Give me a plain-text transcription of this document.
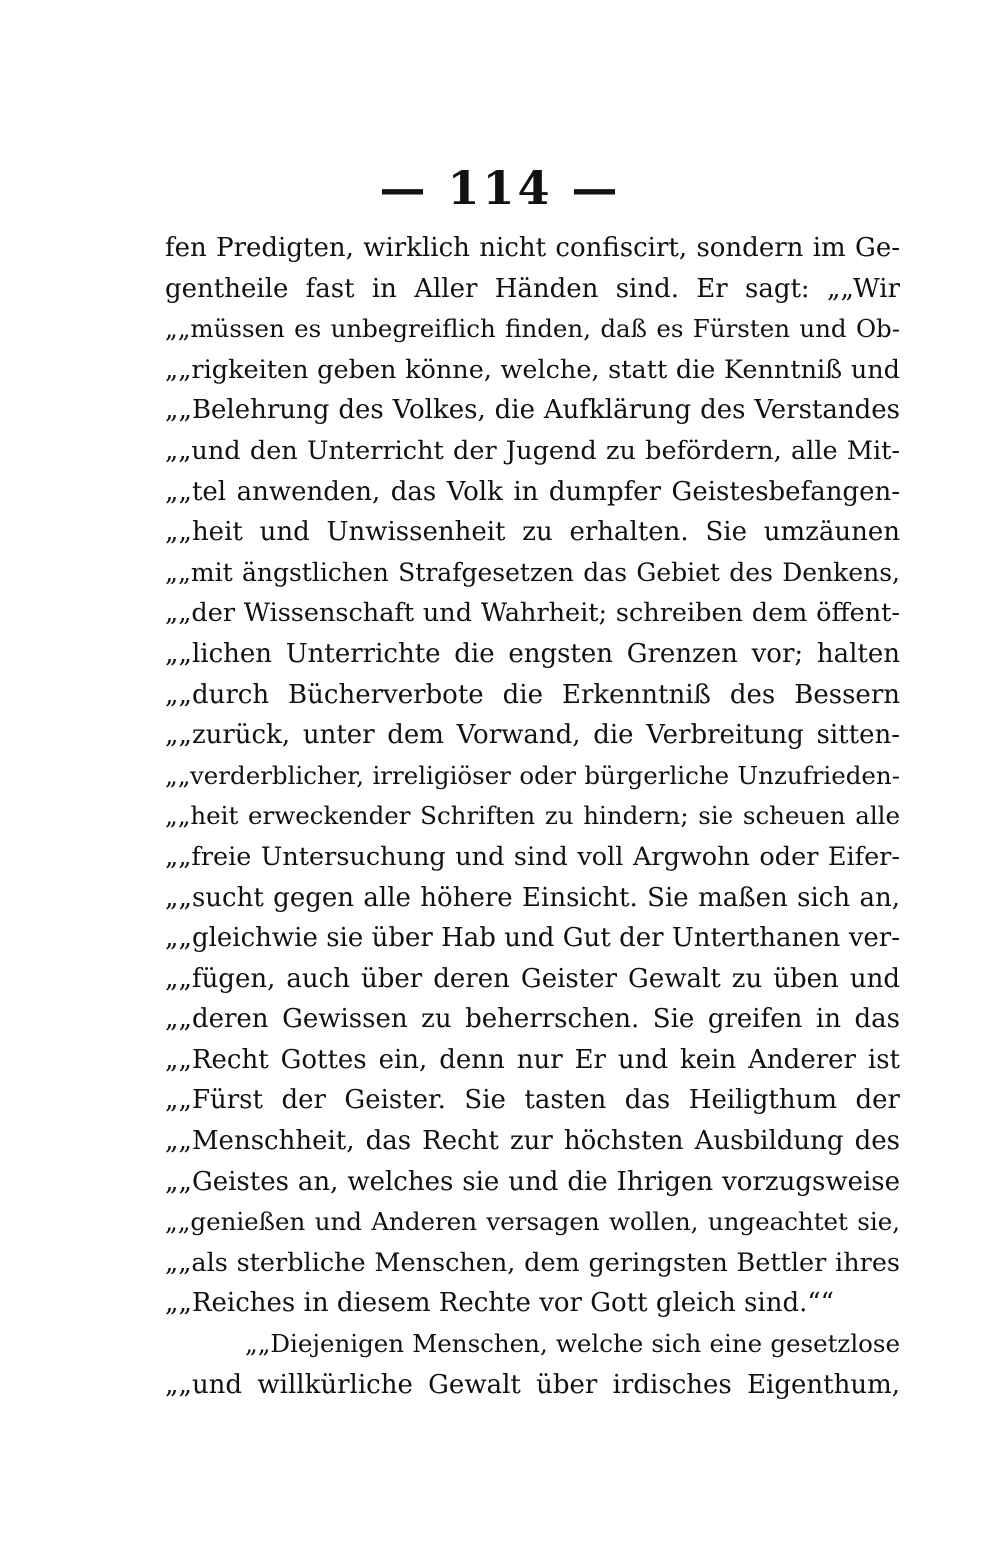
— 114 —
fen Predigten, wirklich nicht confiscirt, sondern im Ge-
gentheile fast in Aller Händen sind. Er sagt: „„Wir
„„müssen es unbegreiflich finden, daß es Fürsten und Ob-
„„rigkeiten geben könne, welche, statt die Kenntniß und
„„Belehrung des Volkes, die Aufklärung des Verstandes
„„und den Unterricht der Jugend zu befördern, alle Mit-
„„tel anwenden, das Volk in dumpfer Geistesbefangen-
„„heit und Unwissenheit zu erhalten. Sie umzäunen
„„mit ängstlichen Strafgesetzen das Gebiet des Denkens,
„„der Wissenschaft und Wahrheit; schreiben dem öffent-
„„lichen Unterrichte die engsten Grenzen vor; halten
„„durch Bücherverbote die Erkenntniß des Bessern
„„zurück, unter dem Vorwand, die Verbreitung sitten-
„„verderblicher, irreligiöser oder bürgerliche Unzufrieden-
„„heit erweckender Schriften zu hindern; sie scheuen alle
„„freie Untersuchung und sind voll Argwohn oder Eifer-
„„sucht gegen alle höhere Einsicht. Sie maßen sich an,
„„gleichwie sie über Hab und Gut der Unterthanen ver-
„„fügen, auch über deren Geister Gewalt zu üben und
„„deren Gewissen zu beherrschen. Sie greifen in das
„„Recht Gottes ein, denn nur Er und kein Anderer ist
„„Fürst der Geister. Sie tasten das Heiligthum der
„„Menschheit, das Recht zur höchsten Ausbildung des
„„Geistes an, welches sie und die Ihrigen vorzugsweise
„„genießen und Anderen versagen wollen, ungeachtet sie,
„„als sterbliche Menschen, dem geringsten Bettler ihres
„„Reiches in diesem Rechte vor Gott gleich sind.““
„„Diejenigen Menschen, welche sich eine gesetzlose
„„und willkürliche Gewalt über irdisches Eigenthum,
